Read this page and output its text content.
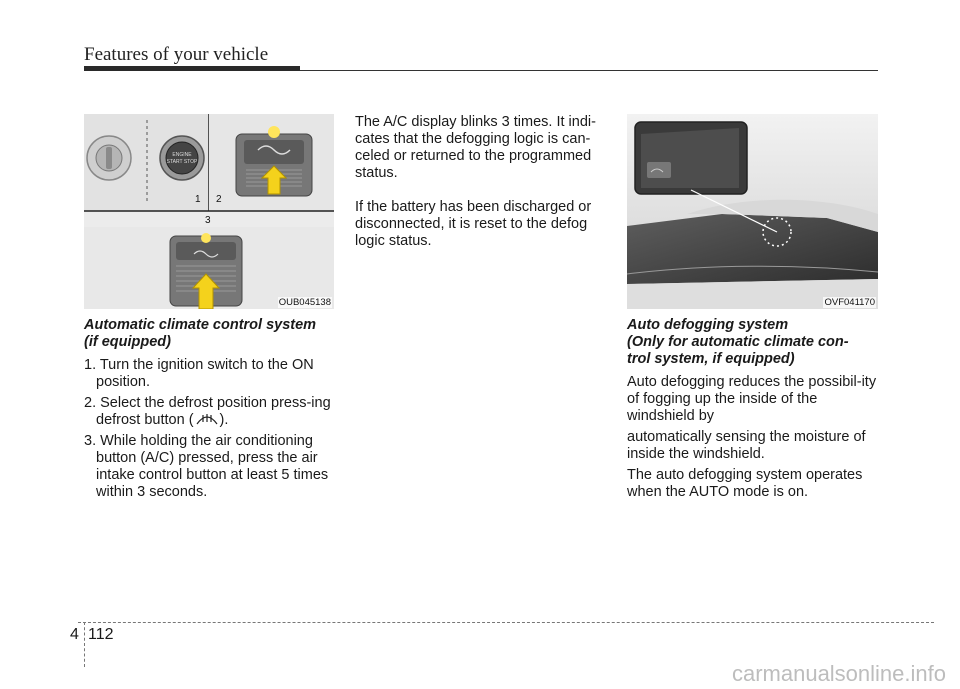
Features of your vehicle
ENGINE
START STOP
1 2
3
OUB045138

Automatic climate control system
(if equipped)

1. Turn the ignition switch to the ON position.
2. Select the defrost position press-ing defrost button ( ).
3. While holding the air conditioning button (A/C) pressed, press the air intake control button at least 5 times within 3 seconds.

The A/C display blinks 3 times. It indi-cates that the defogging logic is can-celed or returned to the programmed status.

If the battery has been discharged or disconnected, it is reset to the defog logic status.

OVF041170

Auto defogging system
(Only for automatic climate con-
trol system, if equipped)

Auto defogging reduces the possibil-ity of fogging up the inside of the windshield by

automatically sensing the moisture of inside the windshield.

The auto defogging system operates when the AUTO mode is on.

4 112
carmanualsonline.info
